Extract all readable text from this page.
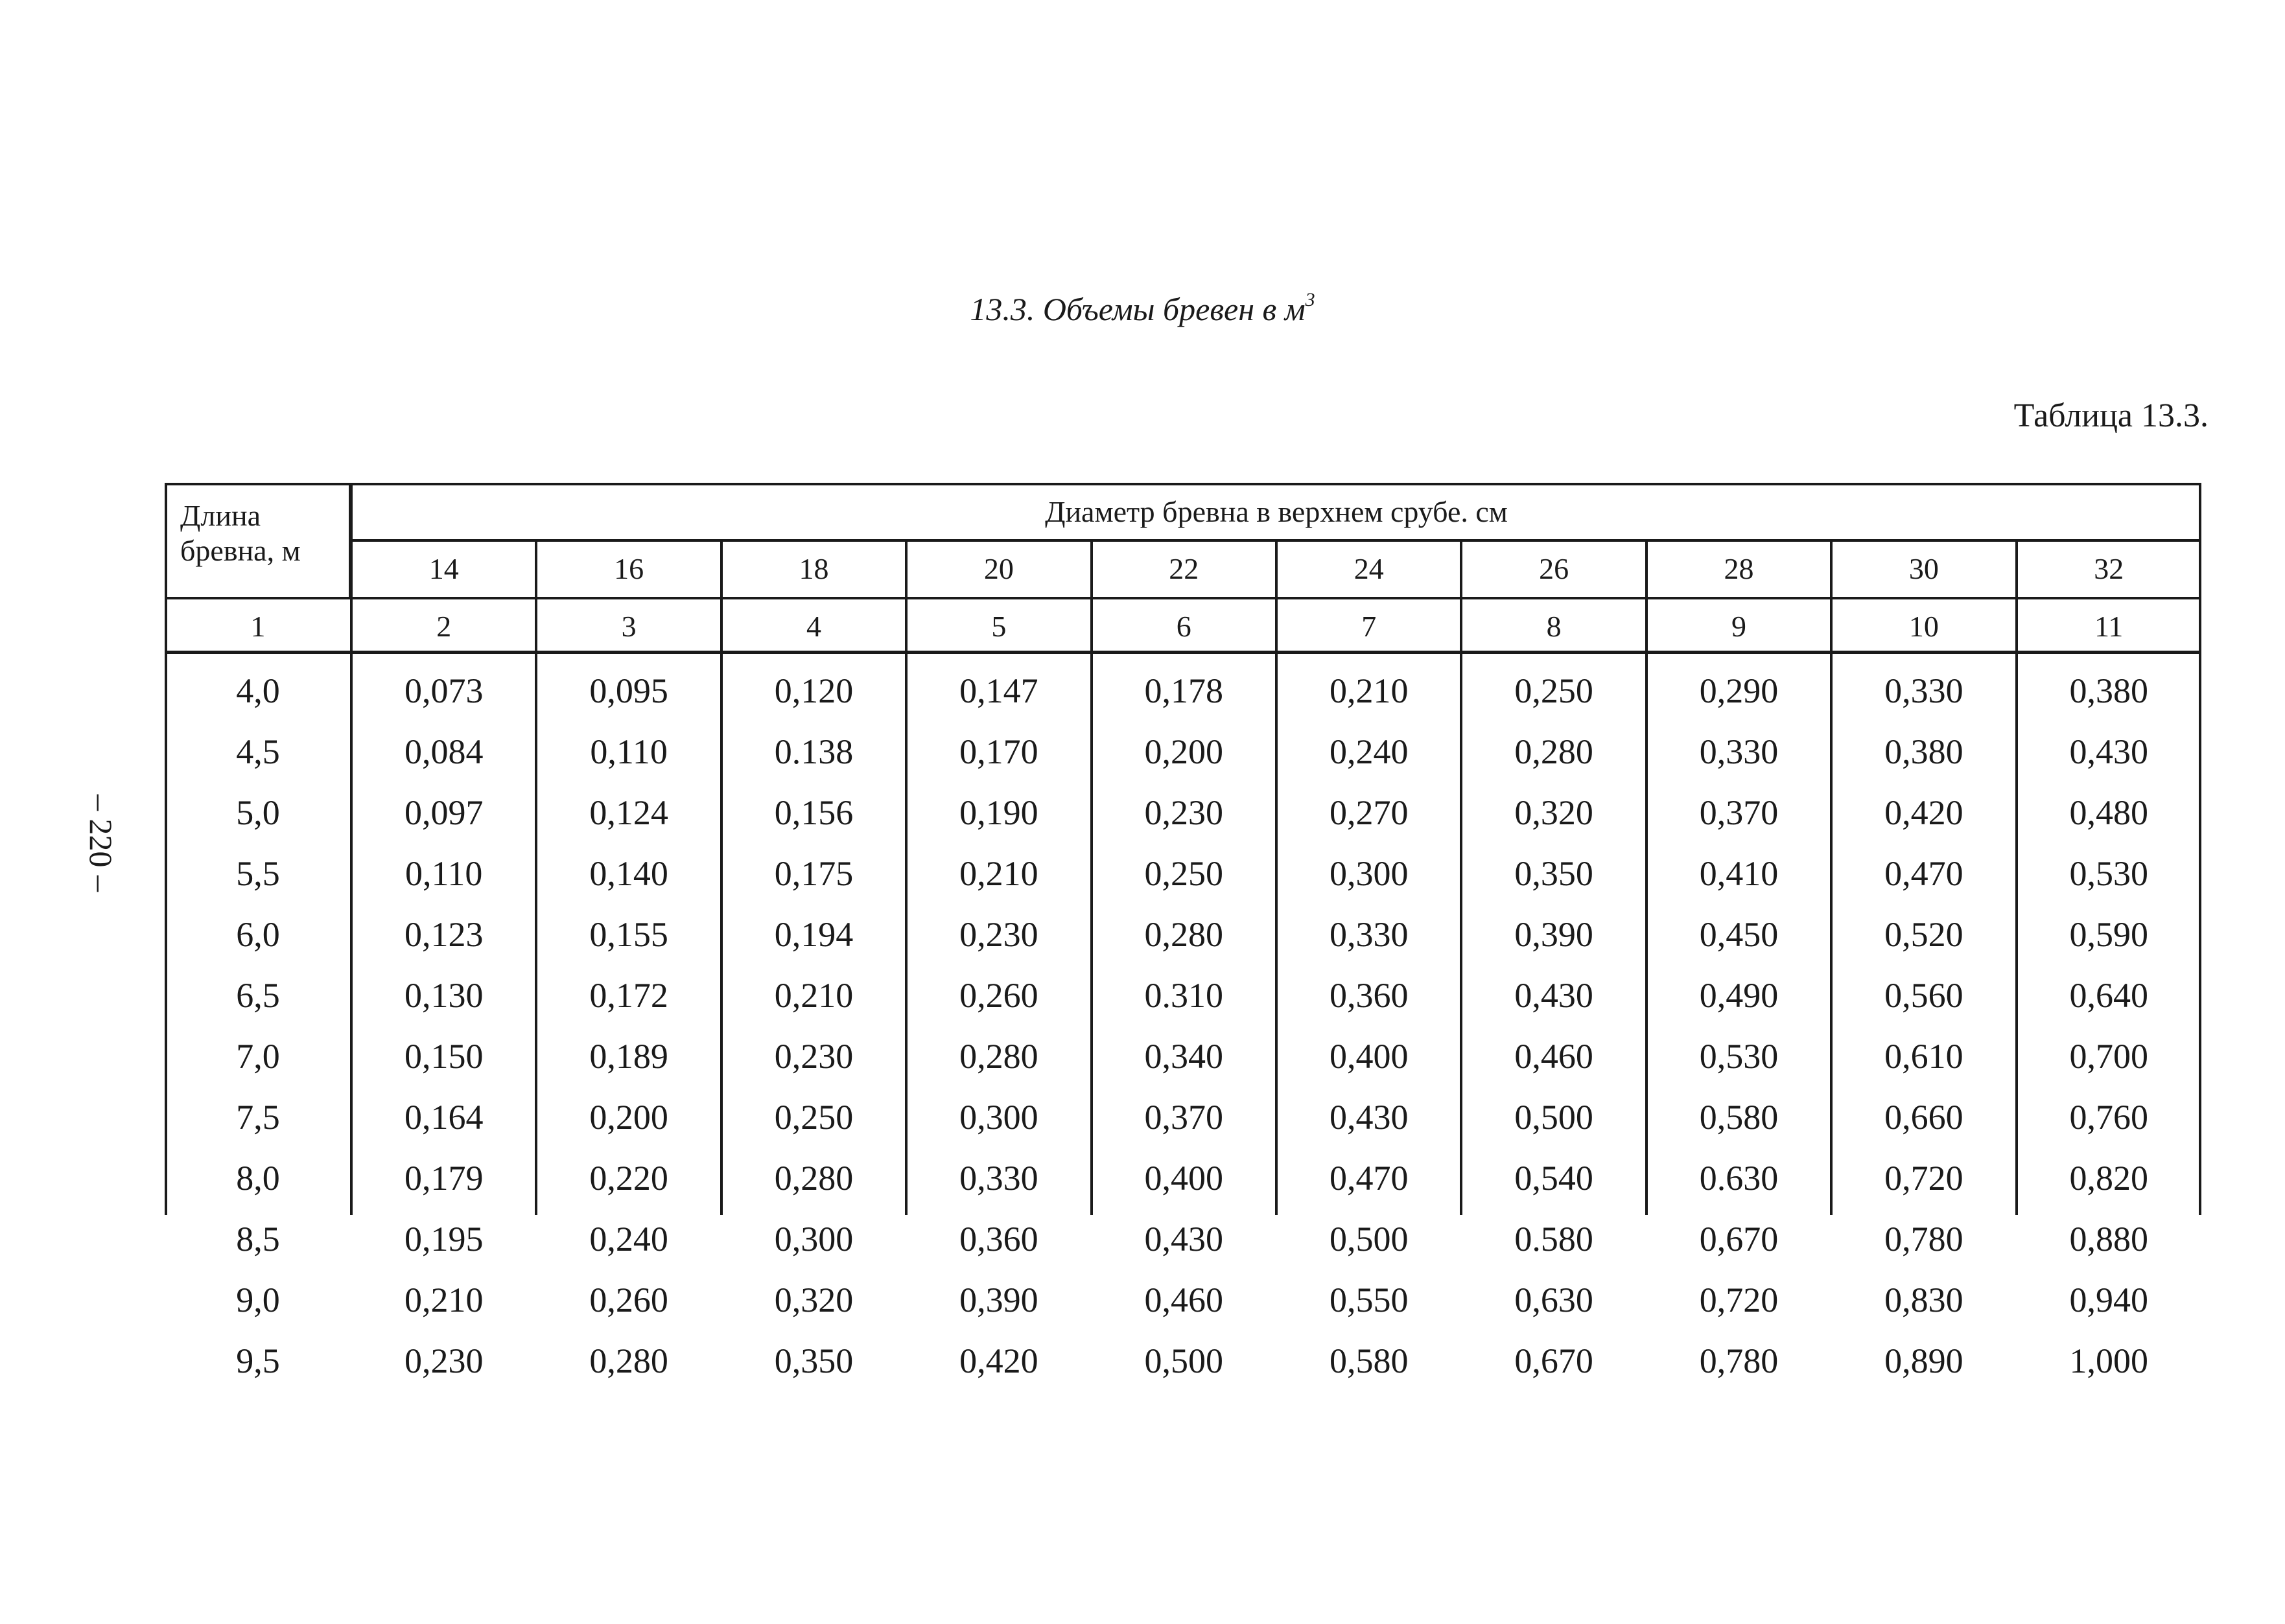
13.3. Объемы бревен в $м^3$
Таблица 13.3.
– 220 –
Длина бревна, м
Диаметр бревна в верхнем срубе. см
14	16	18	20	22	24	26	28	30	32
1	2	3	4	5	6	7	8	9	10	11
4,0	0,073	0,095	0,120	0,147	0,178	0,210	0,250	0,290	0,330	0,380
4,5	0,084	0,110	0.138	0,170	0,200	0,240	0,280	0,330	0,380	0,430
5,0	0,097	0,124	0,156	0,190	0,230	0,270	0,320	0,370	0,420	0,480
5,5	0,110	0,140	0,175	0,210	0,250	0,300	0,350	0,410	0,470	0,530
6,0	0,123	0,155	0,194	0,230	0,280	0,330	0,390	0,450	0,520	0,590
6,5	0,130	0,172	0,210	0,260	0.310	0,360	0,430	0,490	0,560	0,640
7,0	0,150	0,189	0,230	0,280	0,340	0,400	0,460	0,530	0,610	0,700
7,5	0,164	0,200	0,250	0,300	0,370	0,430	0,500	0,580	0,660	0,760
8,0	0,179	0,220	0,280	0,330	0,400	0,470	0,540	0.630	0,720	0,820
8,5	0,195	0,240	0,300	0,360	0,430	0,500	0.580	0,670	0,780	0,880
9,0	0,210	0,260	0,320	0,390	0,460	0,550	0,630	0,720	0,830	0,940
9,5	0,230	0,280	0,350	0,420	0,500	0,580	0,670	0,780	0,890	1,000
